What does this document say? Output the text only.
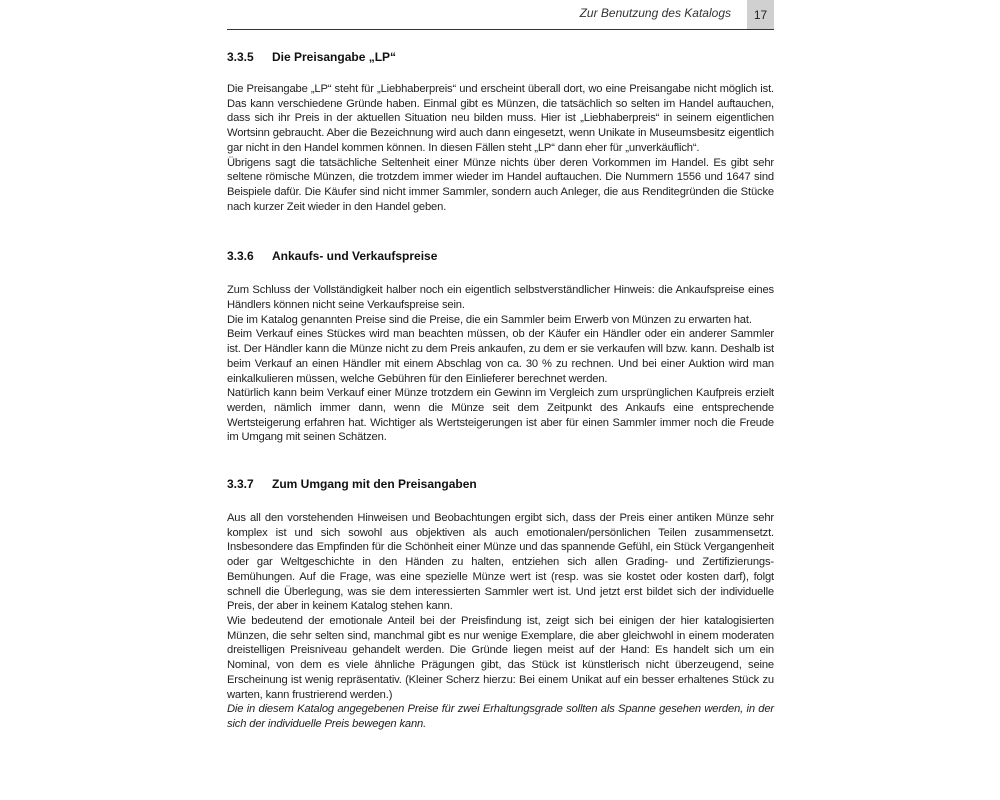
Zur Benutzung des Katalogs	17
3.3.5 Die Preisangabe „LP“

Die Preisangabe „LP“ steht für „Liebhaberpreis“ und erscheint überall dort, wo eine Preisangabe nicht möglich ist. Das kann verschiedene Gründe haben. Einmal gibt es Münzen, die tatsächlich so selten im Handel auftauchen, dass sich ihr Preis in der aktuellen Situation neu bilden muss. Hier ist „Liebhaberpreis“ in seinem eigentlichen Wortsinn gebraucht. Aber die Bezeichnung wird auch dann eingesetzt, wenn Unikate in Museumsbesitz eigentlich gar nicht in den Handel kommen können. In diesen Fällen steht „LP“ dann eher für „unverkäuflich“.

Übrigens sagt die tatsächliche Seltenheit einer Münze nichts über deren Vorkommen im Handel. Es gibt sehr seltene römische Münzen, die trotzdem immer wieder im Handel auftauchen. Die Nummern 1556 und 1647 sind Beispiele dafür. Die Käufer sind nicht immer Sammler, sondern auch Anleger, die aus Renditegründen die Stücke nach kurzer Zeit wieder in den Handel geben.

3.3.6 Ankaufs- und Verkaufspreise

Zum Schluss der Vollständigkeit halber noch ein eigentlich selbstverständlicher Hinweis: die Ankaufspreise eines Händlers können nicht seine Verkaufspreise sein.

Die im Katalog genannten Preise sind die Preise, die ein Sammler beim Erwerb von Münzen zu erwarten hat.

Beim Verkauf eines Stückes wird man beachten müssen, ob der Käufer ein Händler oder ein anderer Sammler ist. Der Händler kann die Münze nicht zu dem Preis ankaufen, zu dem er sie verkaufen will bzw. kann. Deshalb ist beim Verkauf an einen Händler mit einem Abschlag von ca. 30 % zu rechnen. Und bei einer Auktion wird man einkalkulieren müssen, welche Gebühren für den Einlieferer berechnet werden.

Natürlich kann beim Verkauf einer Münze trotzdem ein Gewinn im Vergleich zum ursprünglichen Kaufpreis erzielt werden, nämlich immer dann, wenn die Münze seit dem Zeitpunkt des Ankaufs eine entsprechende Wertsteigerung erfahren hat. Wichtiger als Wertsteigerungen ist aber für einen Sammler immer noch die Freude im Umgang mit seinen Schätzen.

3.3.7 Zum Umgang mit den Preisangaben

Aus all den vorstehenden Hinweisen und Beobachtungen ergibt sich, dass der Preis einer antiken Münze sehr komplex ist und sich sowohl aus objektiven als auch emotionalen/persönlichen Teilen zusammensetzt. Insbesondere das Empfinden für die Schönheit einer Münze und das spannende Gefühl, ein Stück Vergangenheit oder gar Weltgeschichte in den Händen zu halten, entziehen sich allen Grading- und Zertifizierungs-Bemühungen. Auf die Frage, was eine spezielle Münze wert ist (resp. was sie kostet oder kosten darf), folgt schnell die Überlegung, was sie dem interessierten Sammler wert ist. Und jetzt erst bildet sich der individuelle Preis, der aber in keinem Katalog stehen kann.

Wie bedeutend der emotionale Anteil bei der Preisfindung ist, zeigt sich bei einigen der hier katalogisierten Münzen, die sehr selten sind, manchmal gibt es nur wenige Exemplare, die aber gleichwohl in einem moderaten dreistelligen Preisniveau gehandelt werden. Die Gründe liegen meist auf der Hand: Es handelt sich um ein Nominal, von dem es viele ähnliche Prägungen gibt, das Stück ist künstlerisch nicht überzeugend, seine Erscheinung ist wenig repräsentativ. (Kleiner Scherz hierzu: Bei einem Unikat auf ein besser erhaltenes Stück zu warten, kann frustrierend werden.)

Die in diesem Katalog angegebenen Preise für zwei Erhaltungsgrade sollten als Spanne gesehen werden, in der sich der individuelle Preis bewegen kann.
